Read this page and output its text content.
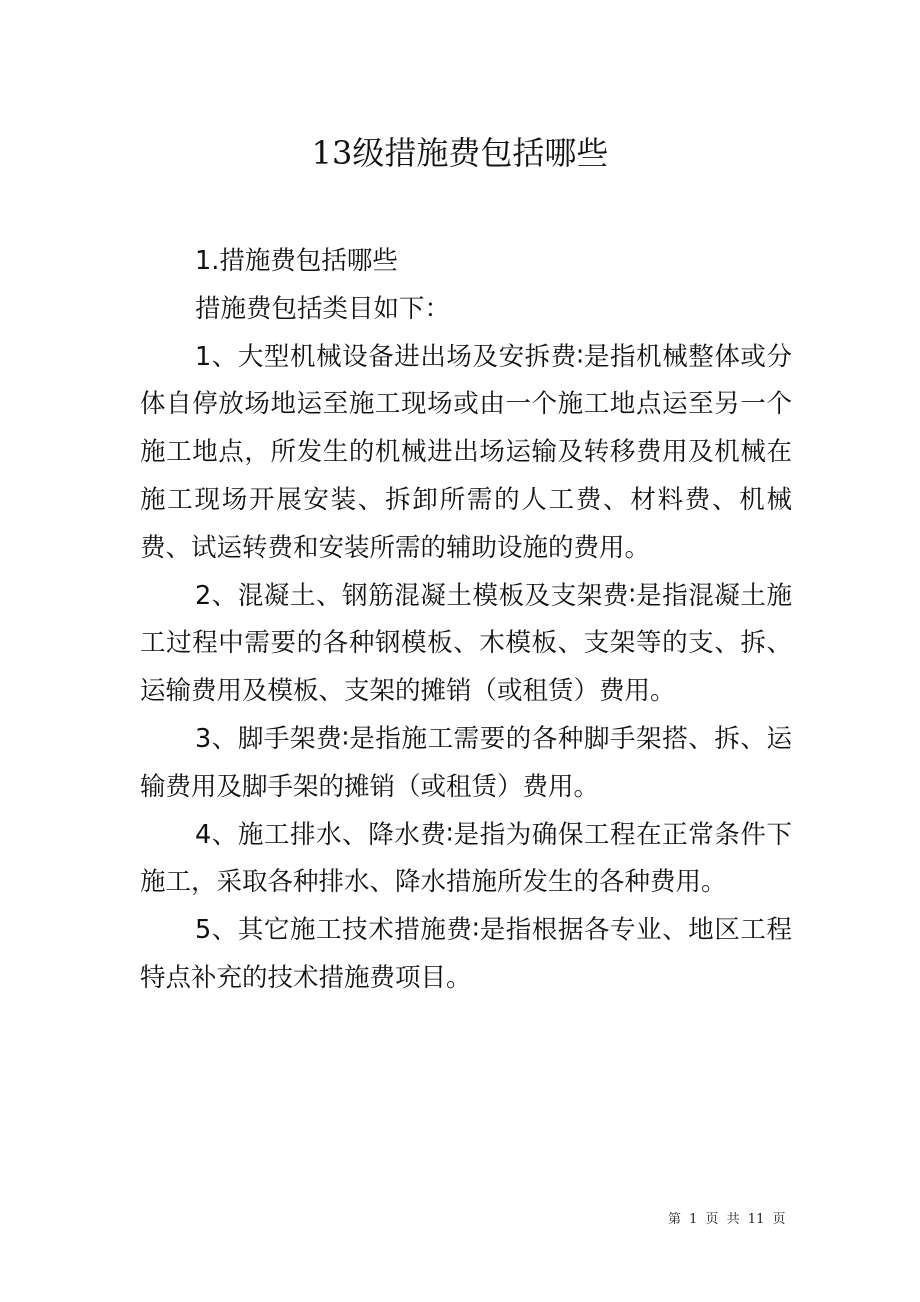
13级措施费包括哪些

1.措施费包括哪些

措施费包括类目如下：

1、大型机械设备进出场及安拆费∶是指机械整体或分体自停放场地运至施工现场或由一个施工地点运至另一个施工地点，所发生的机械进出场运输及转移费用及机械在施工现场开展安装、拆卸所需的人工费、材料费、机械费、试运转费和安装所需的辅助设施的费用。

2、混凝土、钢筋混凝土模板及支架费∶是指混凝土施工过程中需要的各种钢模板、木模板、支架等的支、拆、运输费用及模板、支架的摊销（或租赁）费用。

3、脚手架费∶是指施工需要的各种脚手架搭、拆、运输费用及脚手架的摊销（或租赁）费用。

4、施工排水、降水费∶是指为确保工程在正常条件下施工，采取各种排水、降水措施所发生的各种费用。

5、其它施工技术措施费∶是指根据各专业、地区工程特点补充的技术措施费项目。

第 1 页 共 11 页
